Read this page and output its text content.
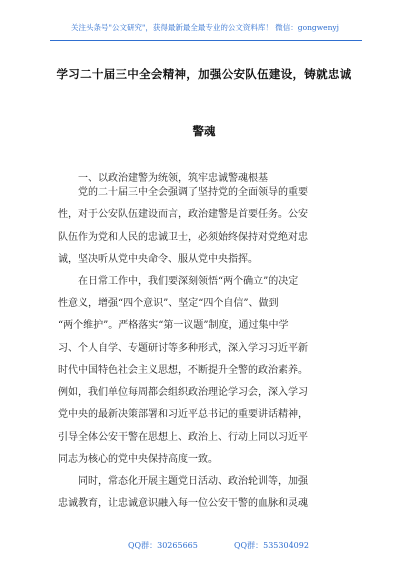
关注头条号"公文研究"，获得最新最全最专业的公文资料库！ 微信：gongwenyj
学习二十届三中全会精神，加强公安队伍建设，铸就忠诚
警魂
一、以政治建警为统领，筑牢忠诚警魂根基
　　党的二十届三中全会强调了坚持党的全面领导的重要
性，对于公安队伍建设而言，政治建警是首要任务。公安
队伍作为党和人民的忠诚卫士，必须始终保持对党绝对忠
诚，坚决听从党中央命令、服从党中央指挥。
　　在日常工作中，我们要深刻领悟“两个确立”的决定
性意义，增强“四个意识”、坚定“四个自信”、做到
“两个维护”。严格落实“第一议题”制度，通过集中学
习、个人自学、专题研讨等多种形式，深入学习习近平新
时代中国特色社会主义思想，不断提升全警的政治素养。
例如，我们单位每周都会组织政治理论学习会，深入学习
党中央的最新决策部署和习近平总书记的重要讲话精神，
引导全体公安干警在思想上、政治上、行动上同以习近平
同志为核心的党中央保持高度一致。
　　同时，常态化开展主题党日活动、政治轮训等，加强
忠诚教育，让忠诚意识融入每一位公安干警的血脉和灵魂
QQ群：30265665	QQ群：535304092
